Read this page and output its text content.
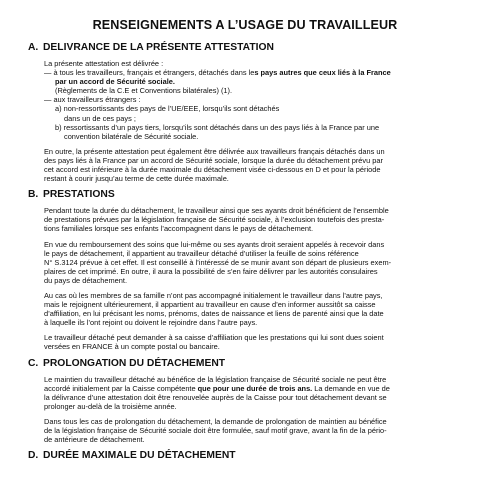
RENSEIGNEMENTS A L’USAGE DU TRAVAILLEUR
A. DELIVRANCE DE LA PRÉSENTE ATTESTATION

La présente attestation est délivrée :
— à tous les travailleurs, français et étrangers, détachés dans les pays autres que ceux liés à la France
par un accord de Sécurité sociale.
(Règlements de la C.E et Conventions bilatérales) (1).
— aux travailleurs étrangers :
a) non-ressortissants des pays de l’UE/EEE, lorsqu’ils sont détachés
dans un de ces pays ;
b) ressortissants d’un pays tiers, lorsqu’ils sont détachés dans un des pays liés à la France par une
convention bilatérale de Sécurité sociale.

En outre, la présente attestation peut également être délivrée aux travailleurs français détachés dans un
des pays liés à la France par un accord de Sécurité sociale, lorsque la durée du détachement prévu par
cet accord est inférieure à la durée maximale du détachement visée ci-dessous en D et pour la période
restant à courir jusqu’au terme de cette durée maximale.

B. PRESTATIONS

Pendant toute la durée du détachement, le travailleur ainsi que ses ayants droit bénéficient de l’ensemble
de prestations prévues par la législation française de Sécurité sociale, à l’exclusion toutefois des presta-
tions familiales lorsque ses enfants l’accompagnent dans le pays de détachement.

En vue du remboursement des soins que lui-même ou ses ayants droit seraient appelés à recevoir dans
le pays de détachement, il appartient au travailleur détaché d’utiliser la feuille de soins référence
N° S.3124 prévue à cet effet. Il est conseillé à l’intéressé de se munir avant son départ de plusieurs exem-
plaires de cet imprimé. En outre, il aura la possibilité de s’en faire délivrer par les autorités consulaires
du pays de détachement.

Au cas où les membres de sa famille n’ont pas accompagné initialement le travailleur dans l’autre pays,
mais le rejoignent ultérieurement, il appartient au travailleur en cause d’en informer aussitôt sa caisse
d’affiliation, en lui précisant les noms, prénoms, dates de naissance et liens de parenté ainsi que la date
à laquelle ils l’ont rejoint ou doivent le rejoindre dans l’autre pays.

Le travailleur détaché peut demander à sa caisse d’affiliation que les prestations qui lui sont dues soient
versées en FRANCE à un compte postal ou bancaire.

C. PROLONGATION DU DÉTACHEMENT

Le maintien du travailleur détaché au bénéfice de la législation française de Sécurité sociale ne peut être
accordé initialement par la Caisse compétente que pour une durée de trois ans. La demande en vue de
la délivrance d’une attestation doit être renouvelée auprès de la Caisse pour tout détachement devant se
prolonger au-delà de la troisième année.

Dans tous les cas de prolongation du détachement, la demande de prolongation de maintien au bénéfice
de la législation française de Sécurité sociale doit être formulée, sauf motif grave, avant la fin de la pério-
de antérieure de détachement.

D. DURÉE MAXIMALE DU DÉTACHEMENT
